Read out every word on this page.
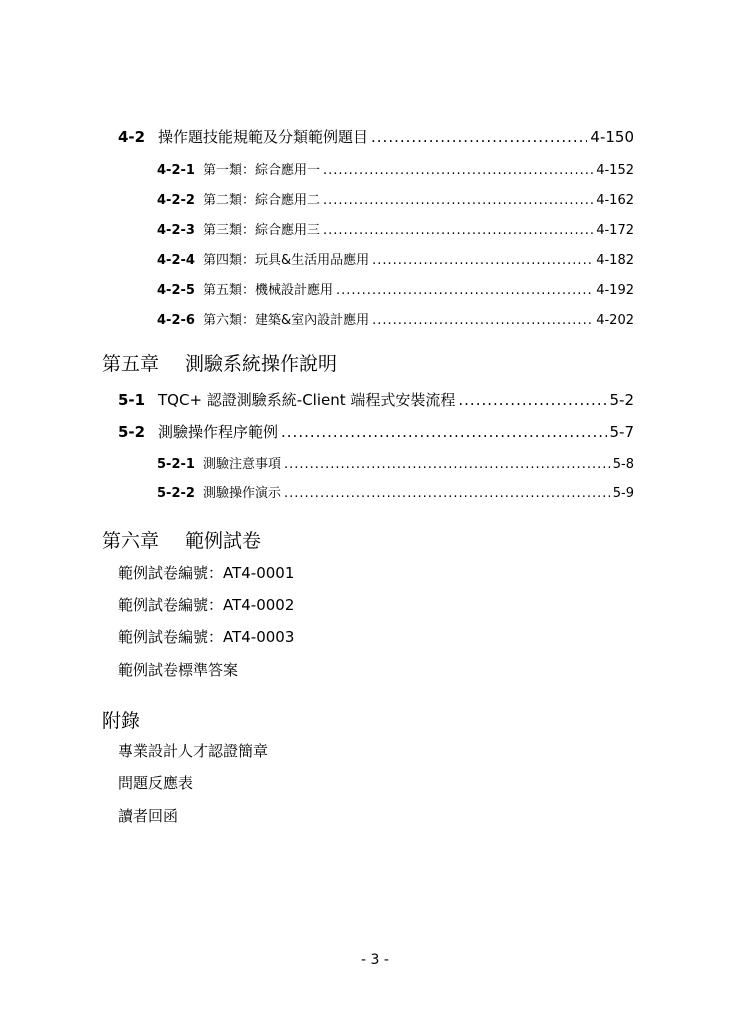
4-2 操作題技能規範及分類範例題目 .....	4-150
4-2-1 第一類：綜合應用一 .....	4-152
4-2-2 第二類：綜合應用二 .....	4-162
4-2-3 第三類：綜合應用三 .....	4-172
4-2-4 第四類：玩具&生活用品應用 .....	4-182
4-2-5 第五類：機械設計應用 .....	4-192
4-2-6 第六類：建築&室內設計應用 .....	4-202
第五章 測驗系統操作說明
5-1 TQC+ 認證測驗系統-Client 端程式安裝流程 .....	5-2
5-2 測驗操作程序範例 .....	5-7
5-2-1 測驗注意事項 .....	5-8
5-2-2 測驗操作演示 .....	5-9
第六章 範例試卷
範例試卷編號：AT4-0001
範例試卷編號：AT4-0002
範例試卷編號：AT4-0003
範例試卷標準答案
附錄
專業設計人才認證簡章
問題反應表
讀者回函
- 3 -
